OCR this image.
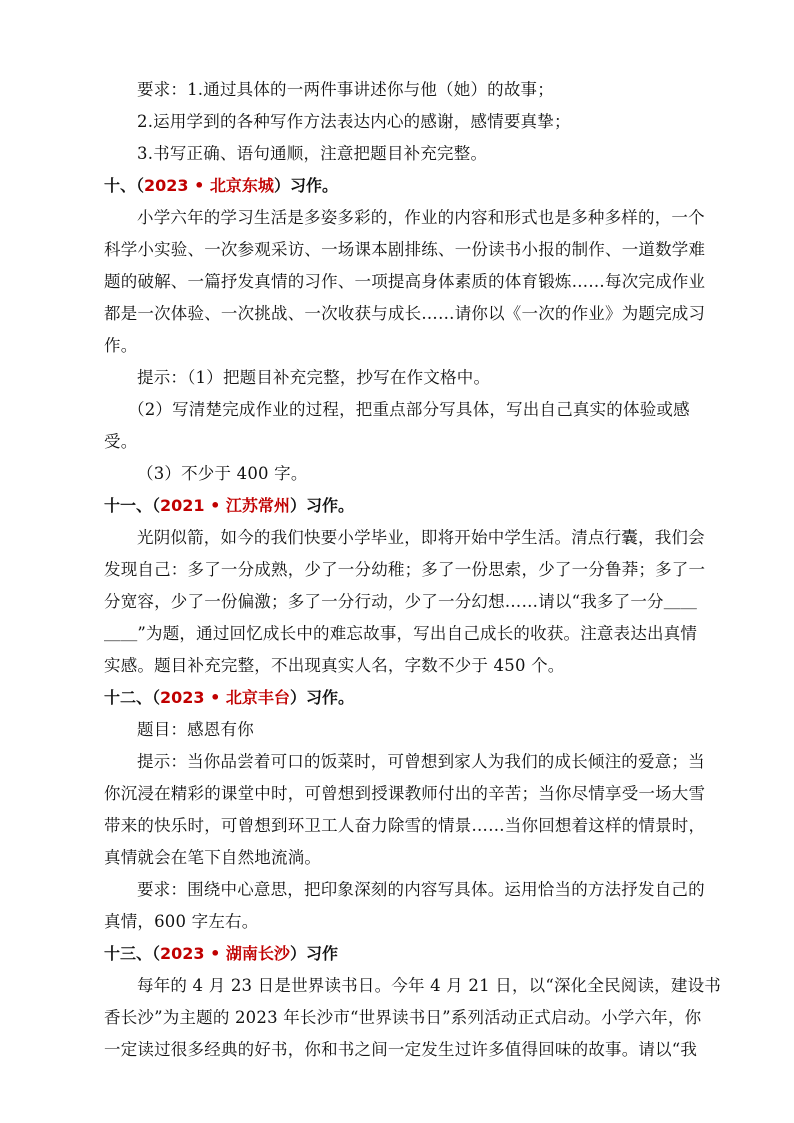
要求：1.通过具体的一两件事讲述你与他（她）的故事；
2.运用学到的各种写作方法表达内心的感谢，感情要真挚；
3.书写正确、语句通顺，注意把题目补充完整。
十、（2023 • 北京东城）习作。
小学六年的学习生活是多姿多彩的，作业的内容和形式也是多种多样的，一个
科学小实验、一次参观采访、一场课本剧排练、一份读书小报的制作、一道数学难
题的破解、一篇抒发真情的习作、一项提高身体素质的体育锻炼……每次完成作业
都是一次体验、一次挑战、一次收获与成长……请你以《一次的作业》为题完成习
作。
提示：（1）把题目补充完整，抄写在作文格中。
（2）写清楚完成作业的过程，把重点部分写具体，写出自己真实的体验或感
受。
（3）不少于 400 字。
十一、（2021 • 江苏常州）习作。
光阴似箭，如今的我们快要小学毕业，即将开始中学生活。清点行囊，我们会
发现自己：多了一分成熟，少了一分幼稚；多了一份思索，少了一分鲁莽；多了一
分宽容，少了一份偏激；多了一分行动，少了一分幻想……请以“我多了一分＿＿
＿＿”为题，通过回忆成长中的难忘故事，写出自己成长的收获。注意表达出真情
实感。题目补充完整，不出现真实人名，字数不少于 450 个。
十二、（2023 • 北京丰台）习作。
题目：感恩有你
提示：当你品尝着可口的饭菜时，可曾想到家人为我们的成长倾注的爱意；当
你沉浸在精彩的课堂中时，可曾想到授课教师付出的辛苦；当你尽情享受一场大雪
带来的快乐时，可曾想到环卫工人奋力除雪的情景……当你回想着这样的情景时，
真情就会在笔下自然地流淌。
要求：围绕中心意思，把印象深刻的内容写具体。运用恰当的方法抒发自己的
真情，600 字左右。
十三、（2023 • 湖南长沙）习作
每年的 4 月 23 日是世界读书日。今年 4 月 21 日，以“深化全民阅读，建设书
香长沙”为主题的 2023 年长沙市“世界读书日”系列活动正式启动。小学六年，你
一定读过很多经典的好书，你和书之间一定发生过许多值得回味的故事。请以“我
